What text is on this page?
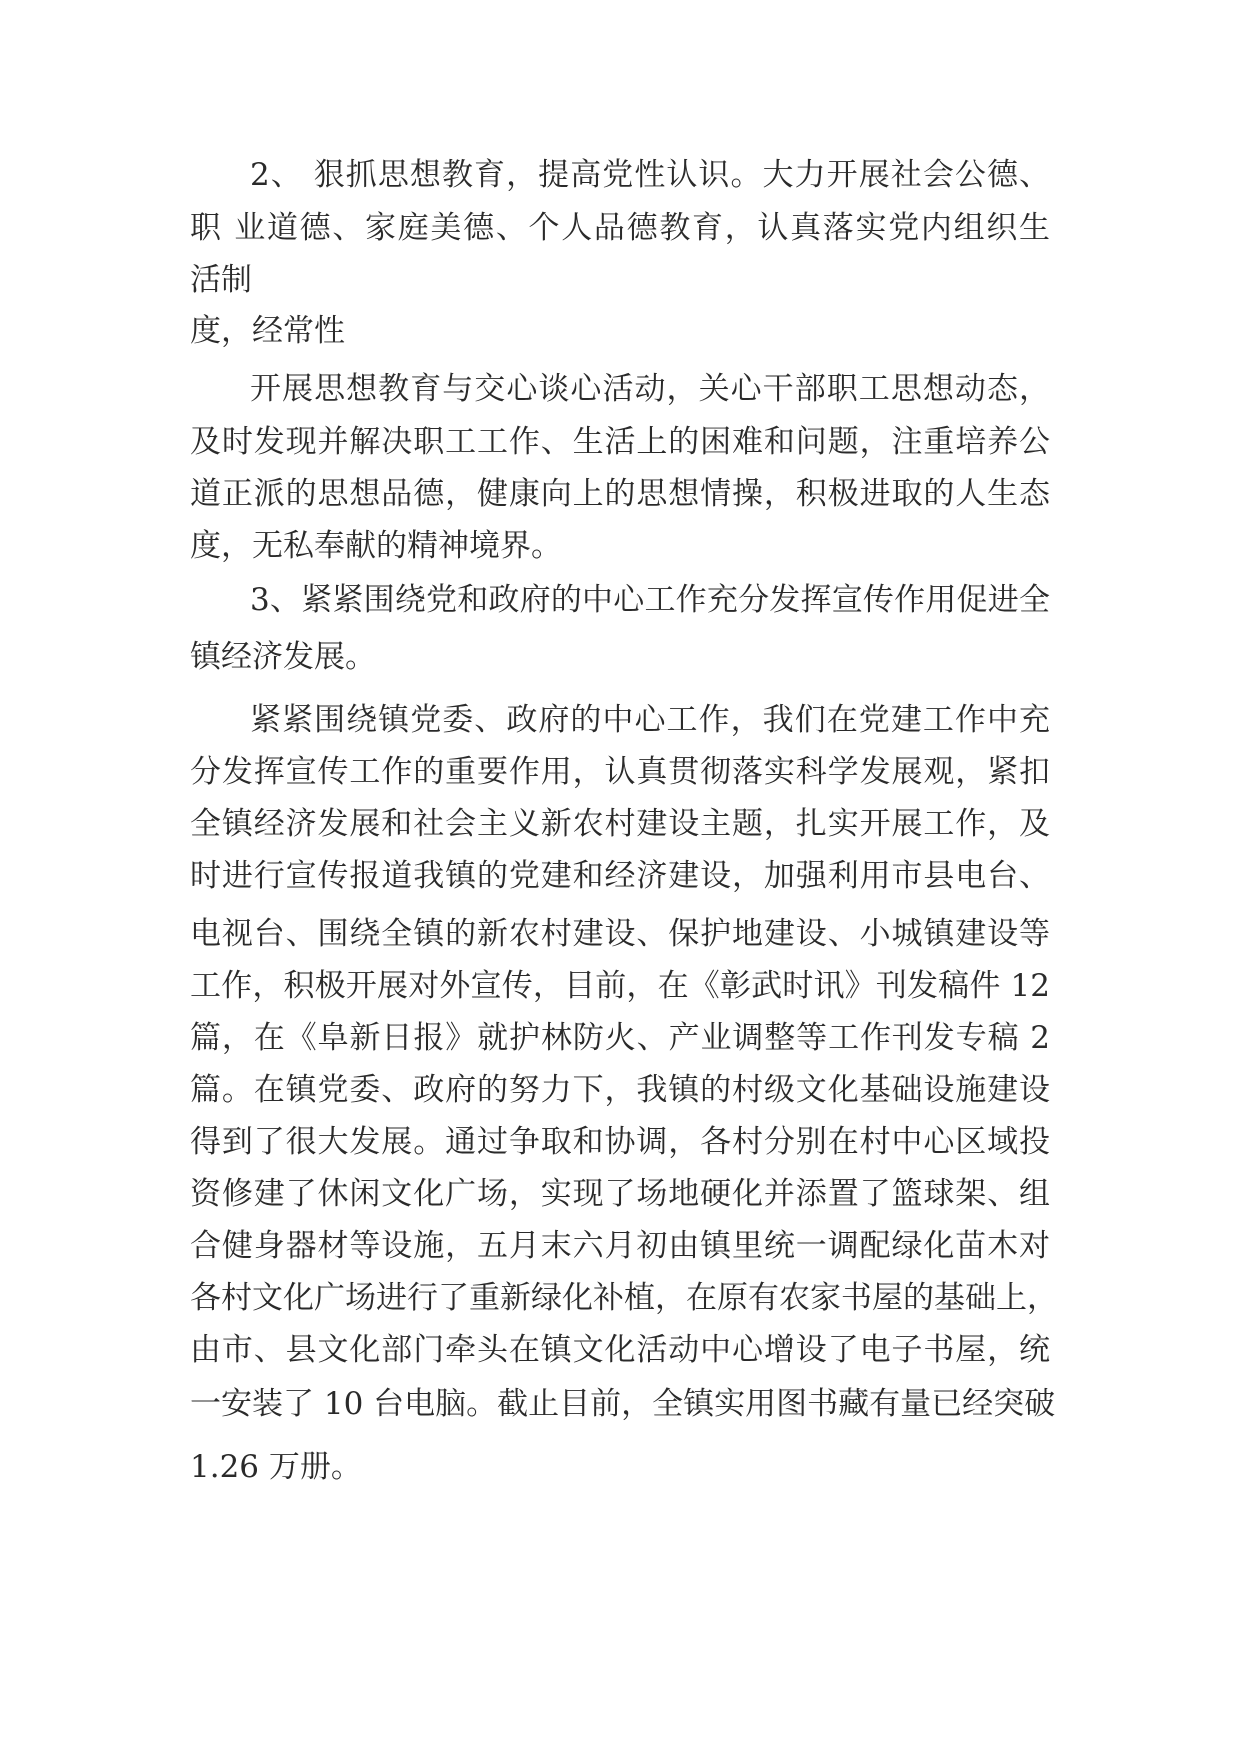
2、 狠抓思想教育，提高党性认识。大力开展社会公德、

职 业道德、家庭美德、个人品德教育，认真落实党内组织生

活制

度，经常性

开展思想教育与交心谈心活动，关心干部职工思想动态，

及时发现并解决职工工作、生活上的困难和问题，注重培养公

道正派的思想品德，健康向上的思想情操，积极进取的人生态

度，无私奉献的精神境界。

3、紧紧围绕党和政府的中心工作充分发挥宣传作用促进全

镇经济发展。

紧紧围绕镇党委、政府的中心工作，我们在党建工作中充

分发挥宣传工作的重要作用，认真贯彻落实科学发展观，紧扣

全镇经济发展和社会主义新农村建设主题，扎实开展工作，及

时进行宣传报道我镇的党建和经济建设，加强利用市县电台、

电视台、围绕全镇的新农村建设、保护地建设、小城镇建设等

工作，积极开展对外宣传，目前，在《彰武时讯》刊发稿件 12

篇，在《阜新日报》就护林防火、产业调整等工作刊发专稿 2

篇。在镇党委、政府的努力下，我镇的村级文化基础设施建设

得到了很大发展。通过争取和协调，各村分别在村中心区域投

资修建了休闲文化广场，实现了场地硬化并添置了篮球架、组

合健身器材等设施，五月末六月初由镇里统一调配绿化苗木对

各村文化广场进行了重新绿化补植，在原有农家书屋的基础上，

由市、县文化部门牵头在镇文化活动中心增设了电子书屋，统

一安装了 10 台电脑。截止目前，全镇实用图书藏有量已经突破

1.26 万册。
